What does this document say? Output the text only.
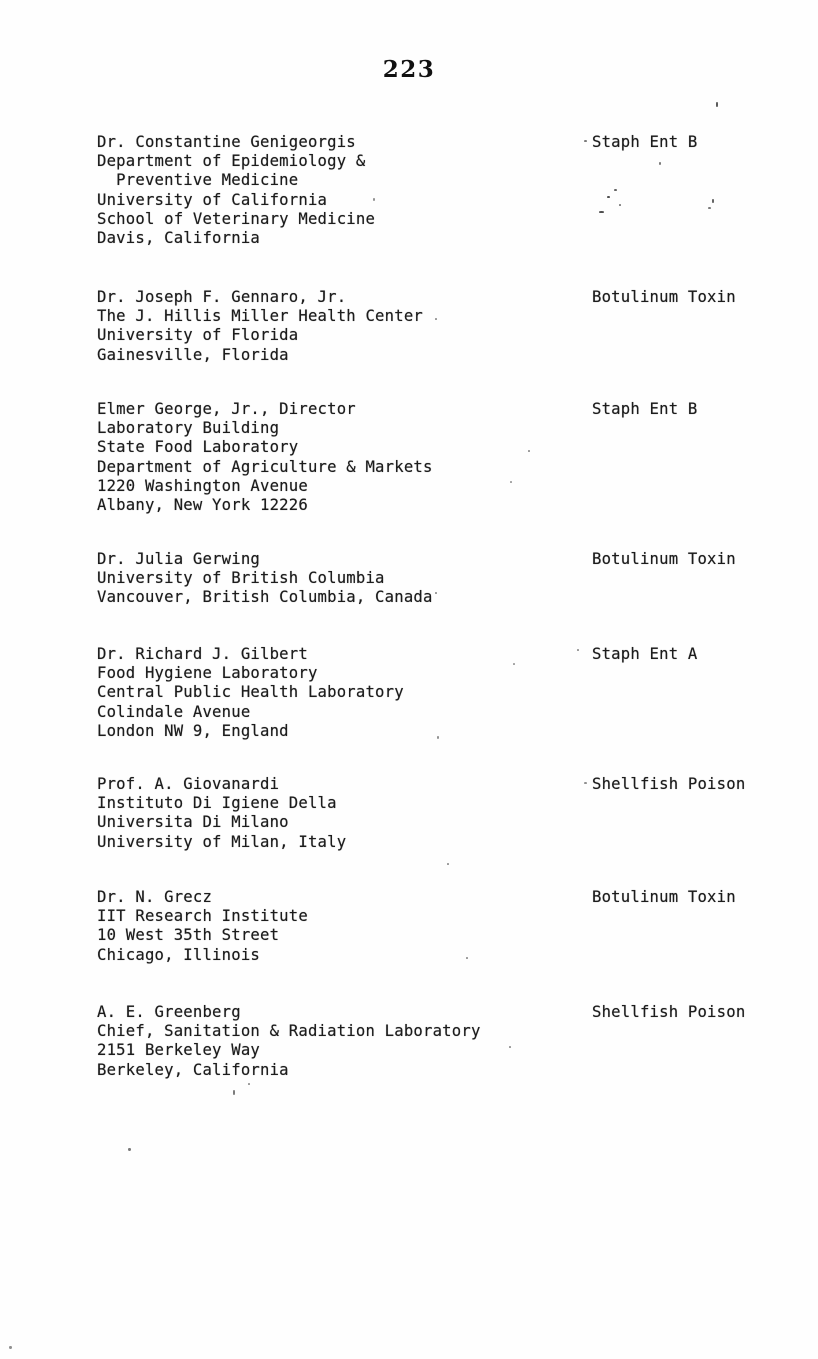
223
Dr. Constantine Genigeorgis
Department of Epidemiology &
Preventive Medicine
University of California
School of Veterinary Medicine
Davis, California
Staph Ent B
Dr. Joseph F. Gennaro, Jr.
The J. Hillis Miller Health Center
University of Florida
Gainesville, Florida
Botulinum Toxin
Elmer George, Jr., Director
Laboratory Building
State Food Laboratory
Department of Agriculture & Markets
1220 Washington Avenue
Albany, New York 12226
Staph Ent B
Dr. Julia Gerwing
University of British Columbia
Vancouver, British Columbia, Canada
Botulinum Toxin
Dr. Richard J. Gilbert
Food Hygiene Laboratory
Central Public Health Laboratory
Colindale Avenue
London NW 9, England
Staph Ent A
Prof. A. Giovanardi
Instituto Di Igiene Della
Universita Di Milano
University of Milan, Italy
Shellfish Poison
Dr. N. Grecz
IIT Research Institute
10 West 35th Street
Chicago, Illinois
Botulinum Toxin
A. E. Greenberg
Chief, Sanitation & Radiation Laboratory
2151 Berkeley Way
Berkeley, California
Shellfish Poison
